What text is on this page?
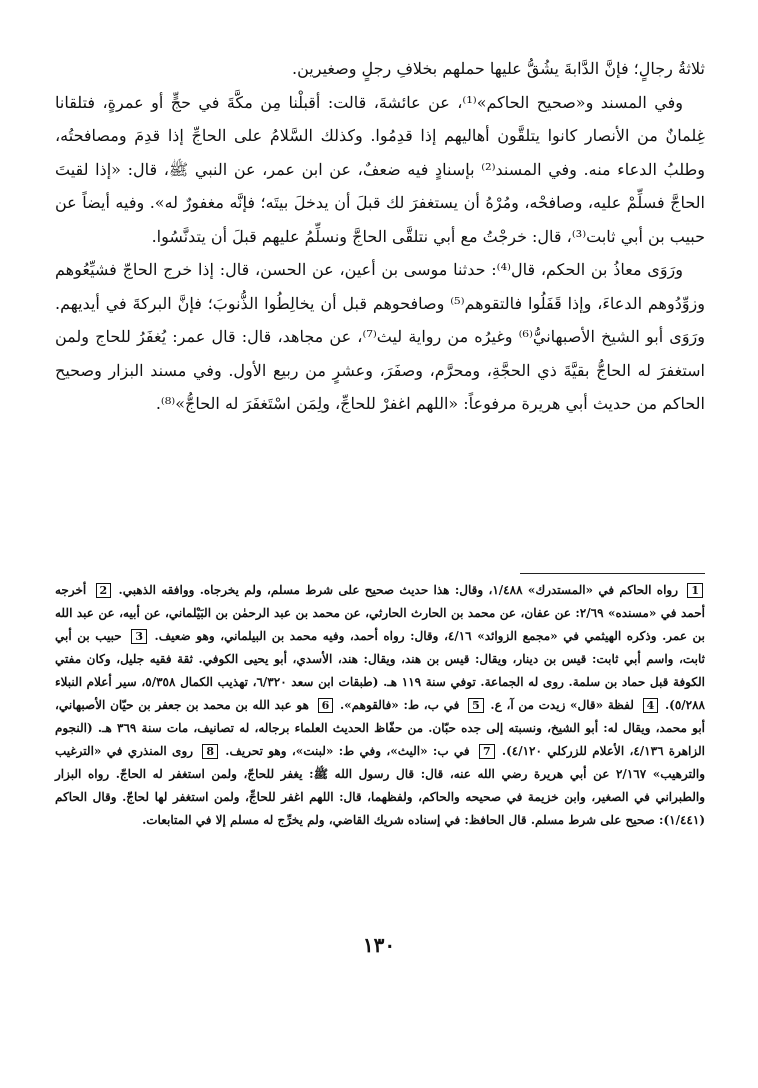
ثلاثةُ رجالٍ؛ فإنَّ الدَّابةَ يشُقُّ عليها حملهم بخلافِ رجلٍ وصغيرين.

وفي المسند و«صحيح الحاكم»⁽¹⁾، عن عائشةَ، قالت: أقبلْنا مِن مكَّةَ في حجٍّ أو عمرةٍ، فتلقانا غِلمانٌ من الأنصار كانوا يتلقَّون أهاليهم إذا قدِمُوا. وكذلك السَّلامُ على الحاجِّ إذا قدِمَ ومصافحتُه، وطلبُ الدعاء منه. وفي المسند⁽²⁾ بإسنادٍ فيه ضعفٌ، عن ابن عمر، عن النبي ﷺ، قال: «إذا لقيتَ الحاجَّ فسلِّمْ عليه، وصافحْه، ومُرْهُ أن يستغفرَ لك قبلَ أن يدخلَ بيتَه؛ فإنَّه مغفورٌ له». وفيه أيضاً عن حبيب بن أبي ثابت⁽³⁾، قال: خرجْتُ مع أبي نتلقَّى الحاجَّ ونسلِّمُ عليهم قبلَ أن يتدنَّسُوا.

ورَوَى معاذُ بن الحكم، قال⁽⁴⁾: حدثنا موسى بن أعين، عن الحسن، قال: إذا خرج الحاجّ فشيِّعُوهم وزوِّدُوهم الدعاءَ، وإذا قَفَلُوا فالتقوهم⁽⁵⁾ وصافحوهم قبل أن يخالِطُوا الذُّنوبَ؛ فإنَّ البركةَ في أيديهم. ورَوَى أبو الشيخ الأصبهانيُّ⁽⁶⁾ وغيرُه من رواية ليث⁽⁷⁾، عن مجاهد، قال: قال عمر: يُغفَرُ للحاج ولمن استغفرَ له الحاجُّ بقيَّةَ ذي الحجَّةِ، ومحرَّم، وصفَرَ، وعشرٍ من ربيع الأول. وفي مسند البزار وصحيح الحاكم من حديث أبي هريرة مرفوعاً: «اللهم اغفرْ للحاجِّ، ولِمَن اسْتَغفَرَ له الحاجُّ»⁽⁸⁾.

1 رواه الحاكم في «المستدرك» ١/٤٨٨، وقال: هذا حديث صحيح على شرط مسلم، ولم يخرجاه. ووافقه الذهبي. 2 أخرجه أحمد في «مسنده» ٢/٦٩: عن عفان، عن محمد بن الحارث الحارثي، عن محمد بن عبد الرحمٰن بن البَيْلماني، عن أبيه، عن عبد الله بن عمر. وذكره الهيثمي في «مجمع الزوائد» ٤/١٦، وقال: رواه أحمد، وفيه محمد بن البيلماني، وهو ضعيف. 3 حبيب بن أبي ثابت، واسم أبي ثابت: قيس بن دينار، ويقال: قيس بن هند، ويقال: هند، الأسدي، أبو يحيى الكوفي. ثقة فقيه جليل، وكان مفتي الكوفة قبل حماد بن سلمة. روى له الجماعة. توفي سنة ١١٩ هـ. (طبقات ابن سعد ٦/٣٢٠، تهذيب الكمال ٥/٣٥٨، سير أعلام النبلاء ٥/٢٨٨). 4 لفظة «قال» زيدت من آ، ع. 5 في ب، ط: «فالقوهم». 6 هو عبد الله بن محمد بن جعفر بن حيّان الأصبهاني، أبو محمد، ويقال له: أبو الشيخ، ونسبته إلى جده حبّان. من حفّاظ الحديث العلماء برجاله، له تصانيف، مات سنة ٣٦٩ هـ. (النجوم الزاهرة ٤/١٣٦، الأعلام للزركلي ٤/١٢٠). 7 في ب: «اليث»، وفي ط: «لبنت»، وهو تحريف. 8 روى المنذري في «الترغيب والترهيب» ٢/١٦٧ عن أبي هريرة رضي الله عنه، قال: قال رسول الله ﷺ: يغفر للحاجّ، ولمن استغفر له الحاجّ. رواه البزار والطبراني في الصغير، وابن خزيمة في صحيحه والحاكم، ولفظهما، قال: اللهم اغفر للحاجِّ، ولمن استغفر لها لحاجّ. وقال الحاكم (١/٤٤١): صحيح على شرط مسلم. قال الحافظ: في إسناده شريك القاضي، ولم يخرِّج له مسلم إلا في المتابعات.

١٣٠
